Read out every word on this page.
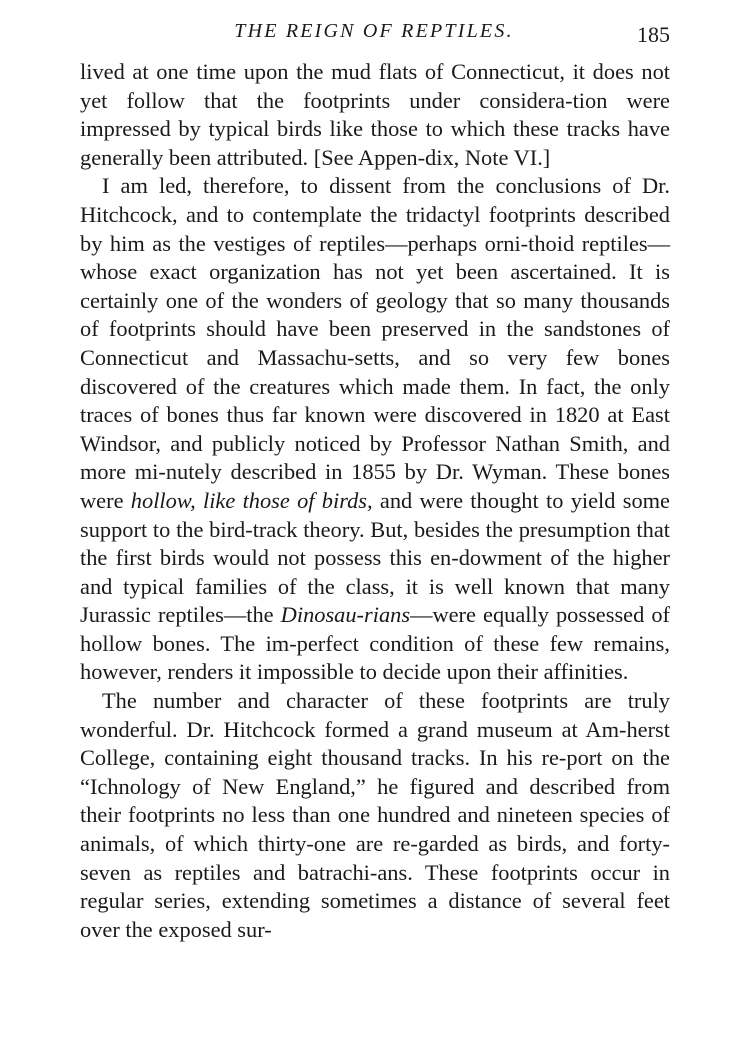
THE REIGN OF REPTILES.	185

lived at one time upon the mud flats of Connecticut, it does not yet follow that the footprints under considera-tion were impressed by typical birds like those to which these tracks have generally been attributed. [See Appen-dix, Note VI.]

I am led, therefore, to dissent from the conclusions of Dr. Hitchcock, and to contemplate the tridactyl footprints described by him as the vestiges of reptiles—perhaps orni-thoid reptiles—whose exact organization has not yet been ascertained. It is certainly one of the wonders of geology that so many thousands of footprints should have been preserved in the sandstones of Connecticut and Massachu-setts, and so very few bones discovered of the creatures which made them. In fact, the only traces of bones thus far known were discovered in 1820 at East Windsor, and publicly noticed by Professor Nathan Smith, and more mi-nutely described in 1855 by Dr. Wyman. These bones were hollow, like those of birds, and were thought to yield some support to the bird-track theory. But, besides the presumption that the first birds would not possess this en-dowment of the higher and typical families of the class, it is well known that many Jurassic reptiles—the Dinosau-rians—were equally possessed of hollow bones. The im-perfect condition of these few remains, however, renders it impossible to decide upon their affinities.

The number and character of these footprints are truly wonderful. Dr. Hitchcock formed a grand museum at Am-herst College, containing eight thousand tracks. In his re-port on the “Ichnology of New England,” he figured and described from their footprints no less than one hundred and nineteen species of animals, of which thirty-one are re-garded as birds, and forty-seven as reptiles and batrachi-ans. These footprints occur in regular series, extending sometimes a distance of several feet over the exposed sur-
